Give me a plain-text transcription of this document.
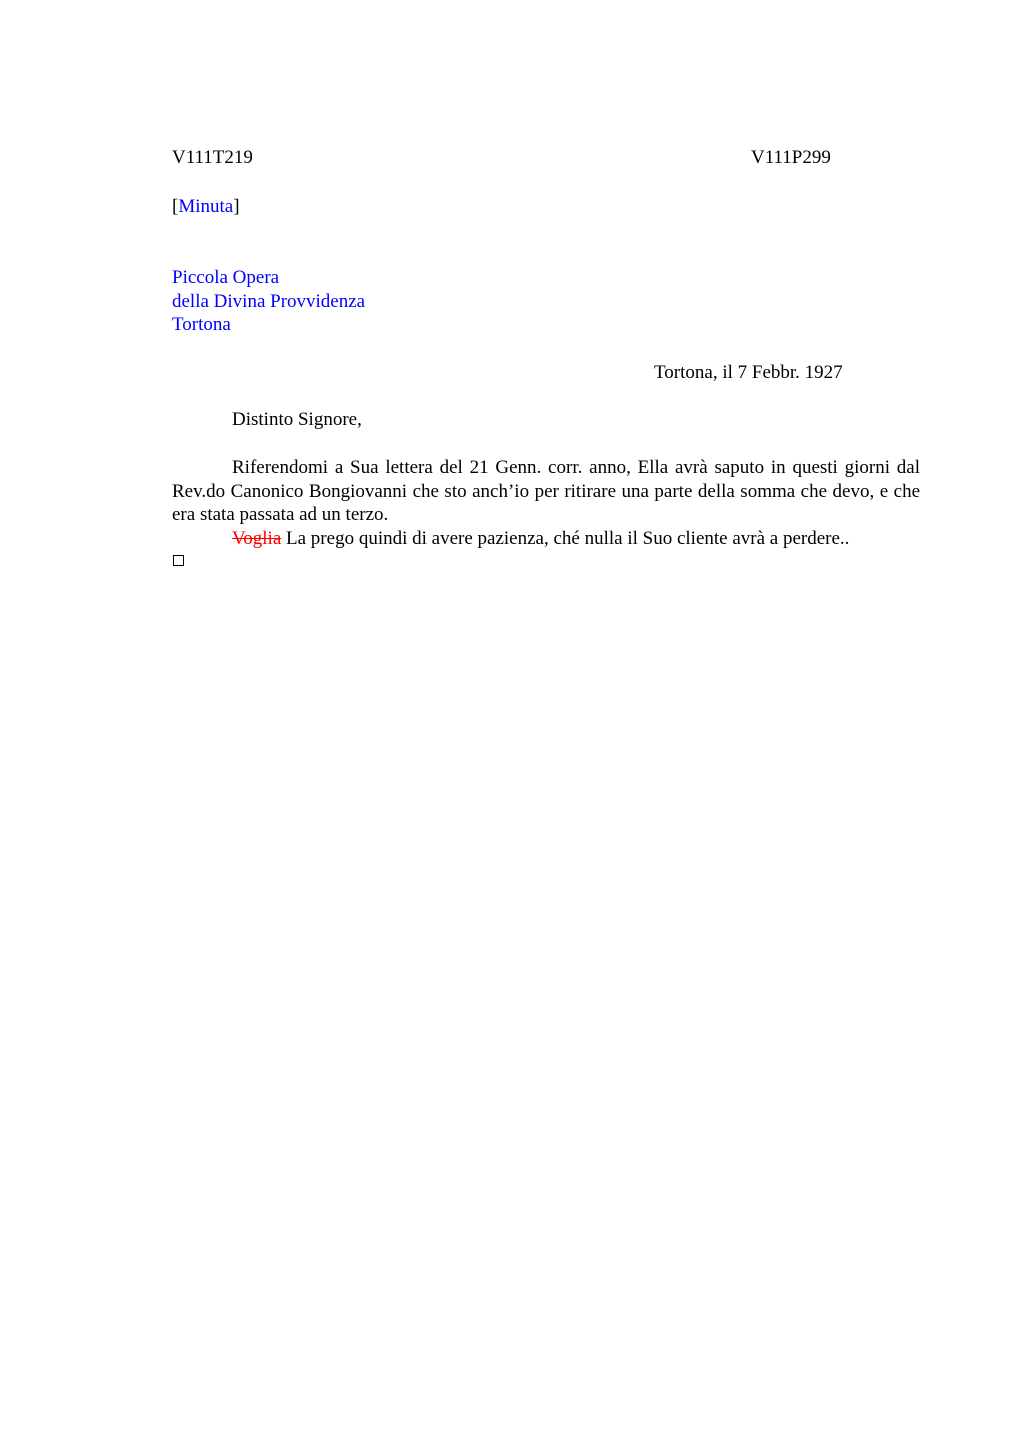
V111T219	V111P299
[Minuta]
Piccola Opera
della Divina Provvidenza
Tortona
Tortona, il 7 Febbr. 1927
Distinto Signore,
Riferendomi a Sua lettera del 21 Genn. corr. anno, Ella avrà saputo in questi giorni dal Rev.do Canonico Bongiovanni che sto anch’io per ritirare una parte della somma che devo, e che era stata passata ad un terzo.
Voglia La prego quindi di avere pazienza, ché nulla il Suo cliente avrà a perdere..
